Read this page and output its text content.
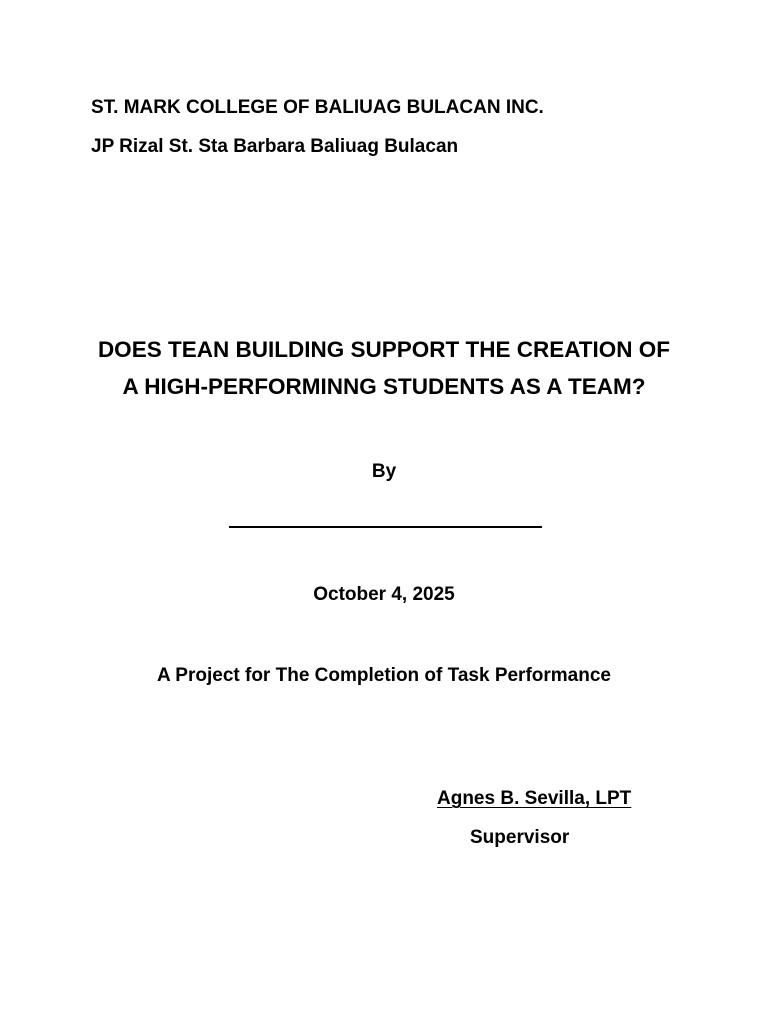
ST. MARK COLLEGE OF BALIUAG BULACAN INC.
JP Rizal St. Sta Barbara Baliuag Bulacan
DOES TEAN BUILDING SUPPORT THE CREATION OF
A HIGH-PERFORMINNG STUDENTS AS A TEAM?
By
October 4, 2025
A Project for The Completion of Task Performance
Agnes B. Sevilla, LPT
Supervisor
